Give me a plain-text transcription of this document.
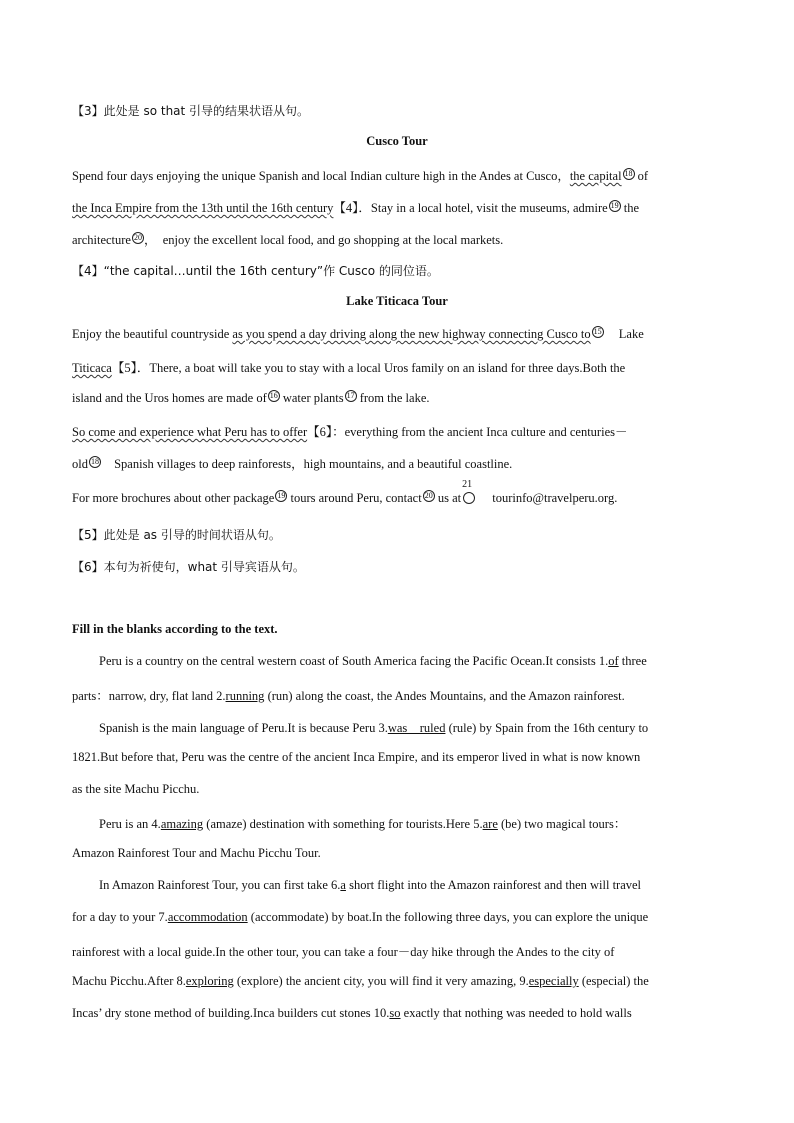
【3】此处是 so that 引导的结果状语从句。
Cusco Tour
Spend four days enjoying the unique Spanish and local Indian culture high in the Andes at Cusco，the capital 18 of
the Inca Empire from the 13th until the 16th century【4】．Stay in a local hotel, visit the museums, admire 19 the
architecture 20 ，　enjoy the excellent local food, and go shopping at the local markets.
【4】“the capital…until the 16th century”作 Cusco 的同位语。
Lake Titicaca Tour
Enjoy the beautiful countryside as you spend a day driving along the new highway connecting Cusco to 15 Lake
Titicaca【5】．There, a boat will take you to stay with a local Uros family on an island for three days.Both the
island and the Uros homes are made of 16 water plants 17 from the lake.
So come and experience what Peru has to offer【6】：everything from the ancient Inca culture and centuries－
old 18 Spanish villages to deep rainforests，high mountains, and a beautiful coastline.
For more brochures about other package 19 tours around Peru, contact 20 us at
21
tourinfo@travelperu.org.
【5】此处是 as 引导的时间状语从句。
【6】本句为祈使句，what 引导宾语从句。
Fill in the blanks according to the text.
Peru is a country on the central western coast of South America facing the Pacific Ocean.It consists 1.of three
parts：narrow, dry, flat land 2.running (run) along the coast, the Andes Mountains, and the Amazon rainforest.
Spanish is the main language of Peru.It is because Peru 3.was　ruled (rule) by Spain from the 16th century to
1821.But before that, Peru was the centre of the ancient Inca Empire, and its emperor lived in what is now known
as the site Machu Picchu.
Peru is an 4.amazing (amaze) destination with something for tourists.Here 5.are (be) two magical tours：
Amazon Rainforest Tour and Machu Picchu Tour.
In Amazon Rainforest Tour, you can first take 6.a short flight into the Amazon rainforest and then will travel
for a day to your 7.accommodation (accommodate) by boat.In the following three days, you can explore the unique
rainforest with a local guide.In the other tour, you can take a four－day hike through the Andes to the city of
Machu Picchu.After 8.exploring (explore) the ancient city, you will find it very amazing, 9.especially (especial) the
Incas’ dry stone method of building.Inca builders cut stones 10.so exactly that nothing was needed to hold walls
